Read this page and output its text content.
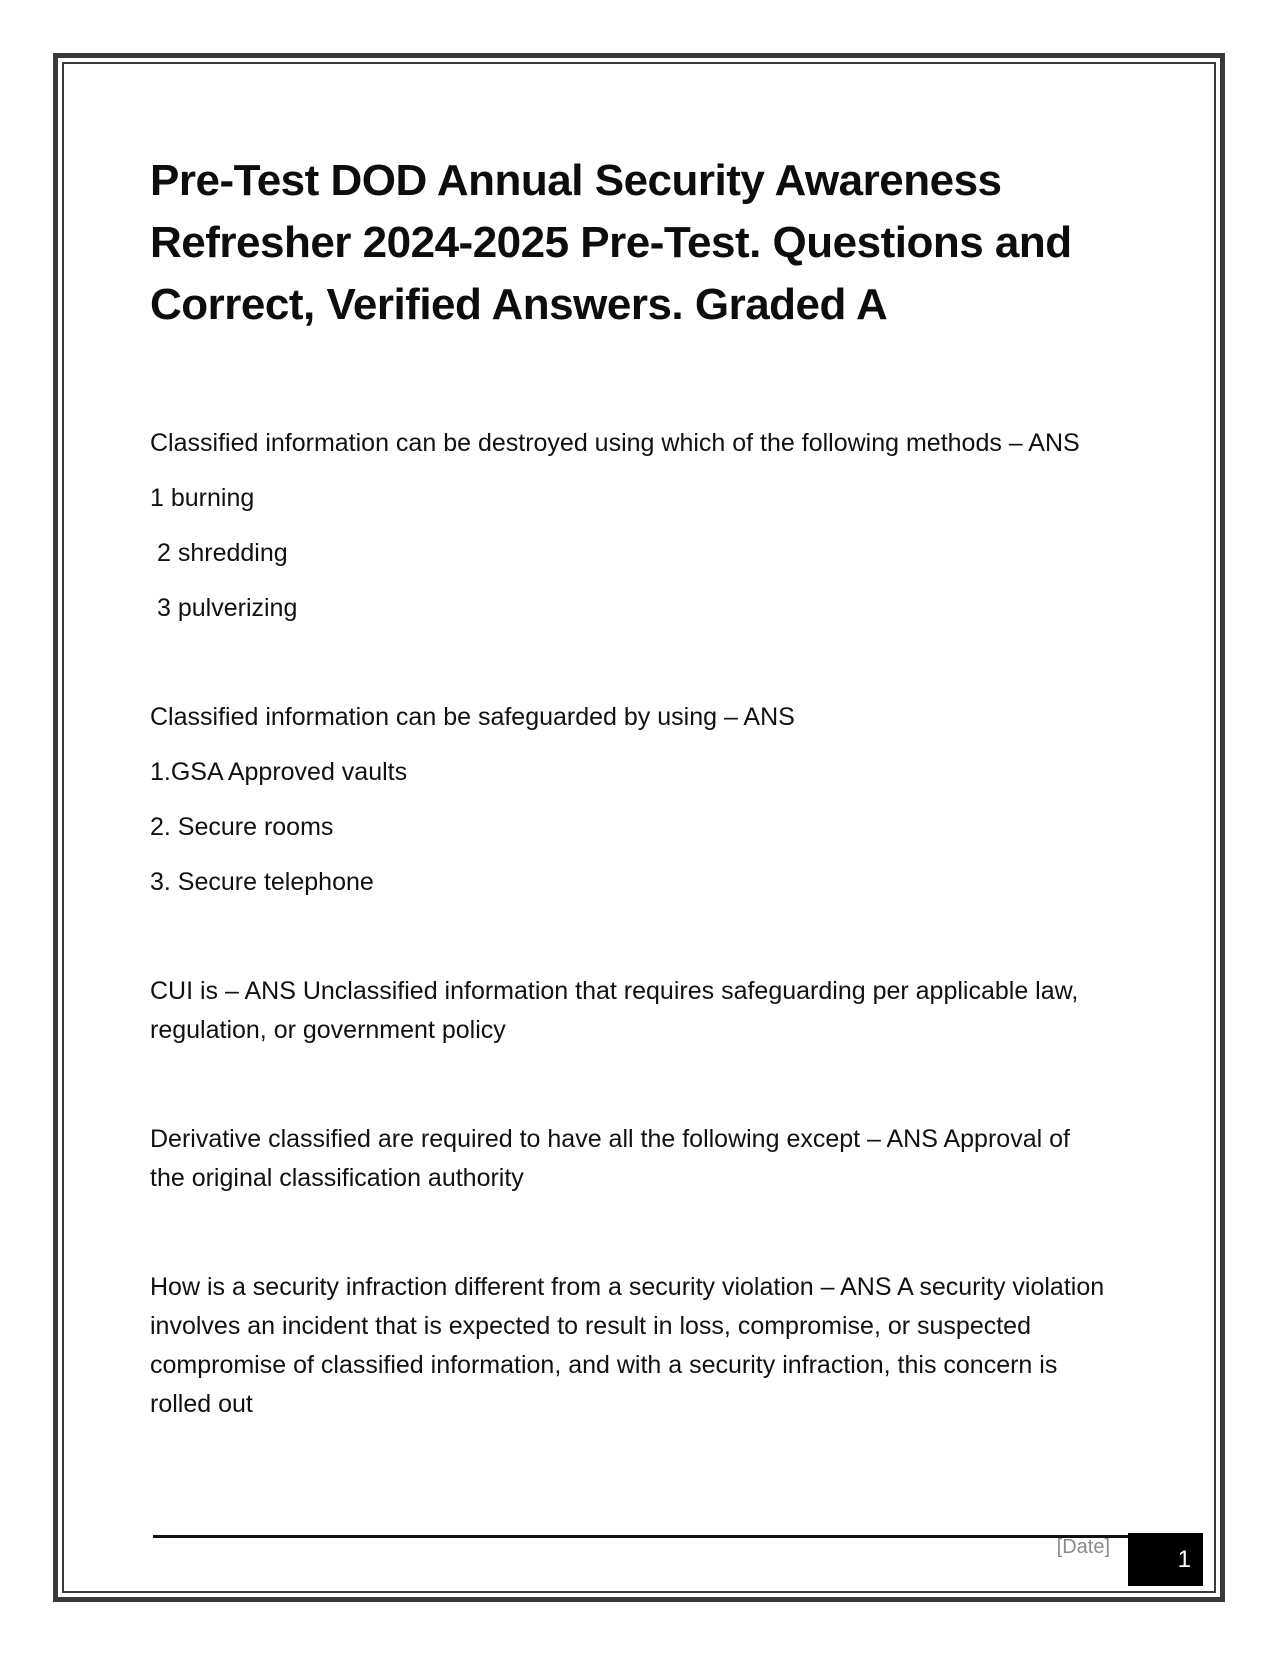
Pre-Test DOD Annual Security Awareness Refresher 2024-2025 Pre-Test. Questions and Correct, Verified Answers. Graded A

Classified information can be destroyed using which of the following methods – ANS

1 burning

2 shredding

3 pulverizing

Classified information can be safeguarded by using – ANS

1.GSA Approved vaults

2. Secure rooms

3. Secure telephone

CUI is – ANS Unclassified information that requires safeguarding per applicable law, regulation, or government policy

Derivative classified are required to have all the following except – ANS Approval of the original classification authority

How is a security infraction different from a security violation – ANS A security violation involves an incident that is expected to result in loss, compromise, or suspected compromise of classified information, and with a security infraction, this concern is rolled out

[Date]	1
